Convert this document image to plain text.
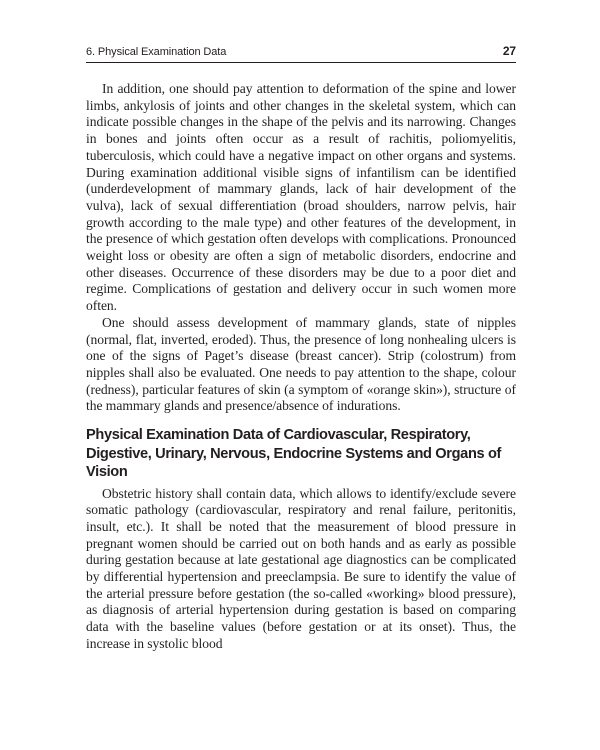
6. Physical Examination Data	27

In addition, one should pay attention to deformation of the spine and lower limbs, ankylosis of joints and other changes in the skeletal system, which can indicate possible changes in the shape of the pelvis and its narrowing. Changes in bones and joints often occur as a result of rachitis, poliomyelitis, tuberculosis, which could have a negative impact on other organs and systems. During examination additional visible signs of infantilism can be identified (underdevelopment of mammary glands, lack of hair development of the vulva), lack of sexual differentiation (broad shoulders, narrow pelvis, hair growth according to the male type) and other features of the development, in the presence of which gestation often develops with complications. Pronounced weight loss or obesity are often a sign of metabolic disorders, endocrine and other diseases. Occurrence of these disorders may be due to a poor diet and regime. Complications of gestation and delivery occur in such women more often.

One should assess development of mammary glands, state of nipples (normal, flat, inverted, eroded). Thus, the presence of long nonhealing ulcers is one of the signs of Paget’s disease (breast cancer). Strip (colostrum) from nipples shall also be evaluated. One needs to pay attention to the shape, colour (redness), particular features of skin (a symptom of «orange skin»), structure of the mammary glands and presence/absence of indurations.

Physical Examination Data of Cardiovascular, Respiratory, Digestive, Urinary, Nervous, Endocrine Systems and Organs of Vision

Obstetric history shall contain data, which allows to identify/exclude severe somatic pathology (cardiovascular, respiratory and renal failure, peritonitis, insult, etc.). It shall be noted that the measurement of blood pressure in pregnant women should be carried out on both hands and as early as possible during gestation because at late gestational age diagnostics can be complicated by differential hypertension and preeclampsia. Be sure to identify the value of the arterial pressure before gestation (the so-called «working» blood pressure), as diagnosis of arterial hypertension during gestation is based on comparing data with the baseline values (before gestation or at its onset). Thus, the increase in systolic blood
